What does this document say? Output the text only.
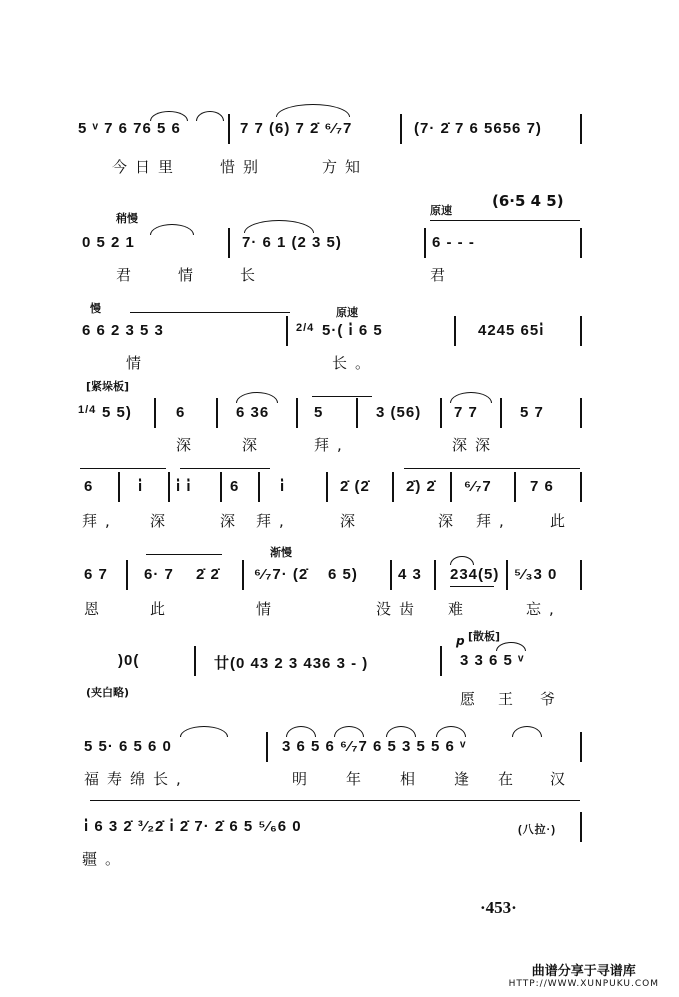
5 ᵛ 7 6 76 5 6	7 7 (6) 7 2̇ ⁶⁄₇7	(7· 2̇ 7 6 5656 7)
今日里	惜别	方知
稍慢
原速
(6·5 4 5)
0 5 2 1	7· 6 1 (2 3 5)	6 - - -
君	情	长	君
慢	原速
6 6 2 3 5 3	2/4 5·( i̇ 6 5	4245 65i̇
情	长。
[紧垛板]
1/4 5 5)	6	6 36	5	3 (56) 7 7	5 7
深	深	拜,	深深
6	i̇ i̇ i̇	6	i̇	2̇ (2̇ 2̇) 2̇ ⁶⁄₇7	7 6
拜, 深	深 拜,	深	深 拜,	此
渐慢
6 7 6· 7 2̇ 2̇ ⁶⁄₇7· (2̇ 6 5)	4 3 234(5) ⁵⁄₃3 0
恩	此	情	没齿 难	忘,
p [散板]
)0(	廿(0 43 2 3 436 3 - )	3 3 6 5 ᵛ
(夹白略)	愿 王 爷
5 5· 6 5 6 0	3 6 5 6 ⁶⁄₇7 6 5 3 5 5 6 ᵛ
福寿绵长,	明 年 相 逢 在 汉
i̇ 6 3 2̇ ³⁄₂2̇ i̇ 2̇ 7· 2̇ 6 5 ⁵⁄₆6 0	(八拉·)
疆。
·453·
曲谱分享于寻谱库
HTTP://WWW.XUNPUKU.COM
